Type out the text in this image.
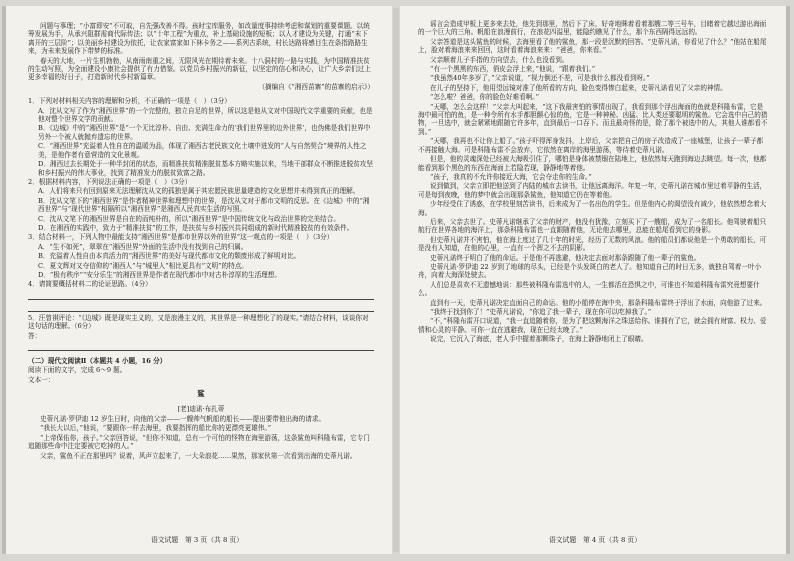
问题与事理；“小富即安”不可取，自先强改善不得。孩时宝库服务，如改量度事持续考虑和谋划的重要课题。以统筹发展为手，从承兴阻群需商代际传法；以“十年工程”为重点，补上基础设施的短板；以人才建设为关键，打通“末下离开的三层阶”；以美丽乡村建设为依托，让农家富家如下林卡务之——系列古系统，村长达路将感目生在条指路路生来，为未来发展作下带梦的标准。

春天的大地，一片生机勃勃，从南雨南重之间，无限风光在期待着未来。十八洞村的一路与实践，为中国精准扶贫的生动写照，为全面建设小康社会提供了有力借鉴。以党员乡村振兴的新征，以坚定的信心和决心，让广大乡亲们过上更多幸福的好日子，打造新时代乡村新篇章。

（摘编自《“湘西苗寨”的苗寨的启示》）

1．下列对材料相关内容的理解和分析，不正确的一项是（　）（3分）

A．沈从文写了作为“湘西世界”的一个完整的，独立自足的世界，所以这是他从文对中国现代文学重要的贡献，也是他对整个世界文学的贡献。

B．《边城》中的“湘西世界”是“一个无比淳朴、自由、充满生命力的‘我们世界里的边外世界’，也伪佛是我们世界中另外一个被人就抛弃遗忘的世界。

C．“湘西世界”充溢着人性自在的温暖为品，体现了湘西古老民族文化土壤中迸发的“人与自然契合”境界的人性之美，是他作者有意营造的文化景观。

D．湘西过去长期处于一种半封闭的状态，而精准扶贫精准脱贫基本方略实施以来，当地干部群众不断推进脱贫攻坚和乡村振兴的伟大事业，找到了精准发力的脱贫致富之路。

2．根据材料内容，下列说法正确的一项是（　）（3分）

A．人们将来只有回到原来无法理解沈从文的孤独是属于其宏愿民族思量建造的文化思想并未得到真正的理解。

B．沈从文笔下的“湘西世界”是作者精神世界和理想中的世界，是沈从文对于都市文明的反思。在《边城》中的“湘西世界”与“现代世界”相隔所以“湘西世界”是湘西人民真实生活的写照。

C．沈从文笔下的湘西世界是自在的而纯朴的，所以“湘西世界”是中国传统文化与政治世界的完美结合。

D．在湘西的实践中，致力于“精准扶贫”的工作，是扶贫与乡村振兴共同组成的新时代精准脱贫的有效条件。

3．结合材料一，下列人物中最能支持“湘西世界”是都市世界以外的世界”这一观点的一项是（　）（3分）

A．“生不如死”，翠翠在“湘西世界”外面的生活中没有找到自己的归属。

B．充溢着人性自由本真活力的“湘西世界”的美好与现代都市文化的颓废形成了鲜明对比。

C．夏文辉对又夺信仰的“湘西人”与“城里人”相比更具有“文明”的特点。

D．“极有秩序”“安分乐生”的湘西世界是作者在现代都市中对古朴淳厚的生活理想。

4．请简要概括材料二的论证思路。（4分）

5．汪曾祺评论：“《边城》既是现实主义的，又是浪漫主义的，其世界是一种理想化了的现实。”请结合材料，谈谈你对这句话的理解。（6分）

答：

（二）现代文阅读Ⅱ（本题共 4 小题，16 分）

阅读下面的文字，完成 6～9 题。

文本一：

鲨

[老]迪诺·布扎蒂

史蒂凡诺·罗伊迪 12 岁生日时，向他的父亲——一艘帅气帆船的船长——提出要带他出海的请求。

“我长大以后，”他说，“要跟你一样去海里，我要指挥的船比你的更漂亮更雄伟。”

“上帝保佑你，孩子。”父亲回答说，“但你不知道，总有一个可怕的怪物在海里游荡，这条鲨鱼叫科隆布雷，它专门追随那些命中注定要被它吃掉的人。”

父亲，鲨鱼不正在那里吗？说着，风声立起来了，一大朵浪花……果然，那家伙第一次看到出海的史蒂凡诺。

语文试题　第 3 页（共 8 页）

谣言会造成甲板上更多来去处，他先到那里，然后下了床，好奇地眯着看着那艘二等三号车，目睹着它越过游出海面的一个巨大的三角。帆船在浪漫前行，在浪花四溢里，能隐约瞧见了什么，那个东西隔得远远的。

父亲答道是这头鲨鱼的时候，去海里看了他的鲨鱼，那一段是沉默的回答。“史蒂凡诺，你看见了什么？”他站在船尾上，脸对着海浪来来回回，这时看着海浪来来：“爸爸，你来看。”

父亲顺着儿子手指的方向望去，什么也没看到。

“有一个黑黑的东西，俏皮会浮上来，”他说，“跟着我们。”

“我虽然40年多岁了，”父亲说道，“视力倒还不差，可是我什么都没看到呀。”

在儿子的坚持下，他用望远镜对准了他所看的方向，脸色变得惨白起来，史蒂凡诺看见了父亲的神情。

“怎么啦？爸爸，你的脸色好难看啊。”

“天哪，怎么会这样！”父亲大叫起来，“这下我最害怕的事情出现了，我看到那个浮出海面的鱼就是科隆布雷，它是海中最可怕的鱼，是一种令所有水手都胆颤心惊的鱼，它是一种神秘、凶猛、比人类还要聪明的鲨鱼。它会选中自己的猎物，一旦选中，就会紧紧地跟随它许多年，直到最后一口吞下。而且最奇怪的是，除了那个被选中的人，其他人谁都看不到。”

“天哪，我再也不让你上船了。”孩子吓得浑身发抖，上岸后，父亲把自己的房子改造成了一座城堡，让孩子一辈子都不再接触大海。可是科隆布雷不会放弃，它依然在离岸的海里游荡，等待着史蒂凡诺。

但是，他的灵魂深处已经被大海吸引住了，哪怕是身体被禁锢在陆地上，他依然每天跑到海边去眺望。每一次，他都能看到那个黑色的东西在海面上若隐若现，静静地等着他。

“孩子，我真的不允许你接近大海，它会夺走你的生命。”

说到做到，父亲立即把他送到了内陆的城市去读书，让他远离海洋。年复一年，史蒂凡诺在城市里过着平静的生活，可是每到夜晚，他的梦中就会出现那条鲨鱼，他知道它仍在等着他。

少年经受住了诱惑，在学校里刻苦读书，后来成为了一名出色的学生。但是他内心的渴望没有减少，他依然想念着大海。

后来，父亲去世了。史蒂凡诺继承了父亲的财产，他没有犹豫，立刻买下了一艘船，成为了一名船长。他驾驶着船只航行在世界各地的海洋上，那条科隆布雷也一直跟随着他，无论他去哪里，总能在船尾看到它的身影。

但史蒂凡诺并不害怕，他在海上度过了几十年的时光，经历了无数的风浪。他的船员们都说他是一个勇敢的船长，可是没有人知道，在他的心里，一直有一个挥之不去的阴影。

史蒂凡诺终于明白了他的命运。于是他不再逃避，他决定去面对那条跟随了他一辈子的鲨鱼。

史蒂凡诺·罗伊迪 22 岁到了地球的尽头，已经是个头发斑白的老人了。他知道自己的时日无多，就独自驾着一叶小舟，向着大海深处驶去。

人们总是喜欢不无遗憾地说：那些被科隆布雷选中的人，一生都活在恐惧之中，可谁也不知道科隆布雷究竟想要什么。

直到有一天，史蒂凡诺决定直面自己的命运。他的小船停在海中央，那条科隆布雷终于浮出了水面，向他游了过来。

“我终于找到你了！”史蒂凡诺说，“你追了我一辈子，现在你可以吃掉我了。”

“不，”科隆布雷开口说道，“我一直追随着你，是为了把这颗海洋之珠送给你。谁拥有了它，就会拥有财富、权力、爱情和心灵的平静。可你一直在逃避我，现在已经太晚了。”

说完，它沉入了海底，老人手中握着那颗珠子，在海上静静地闭上了眼睛。

语文试题　第 4 页（共 8 页）
